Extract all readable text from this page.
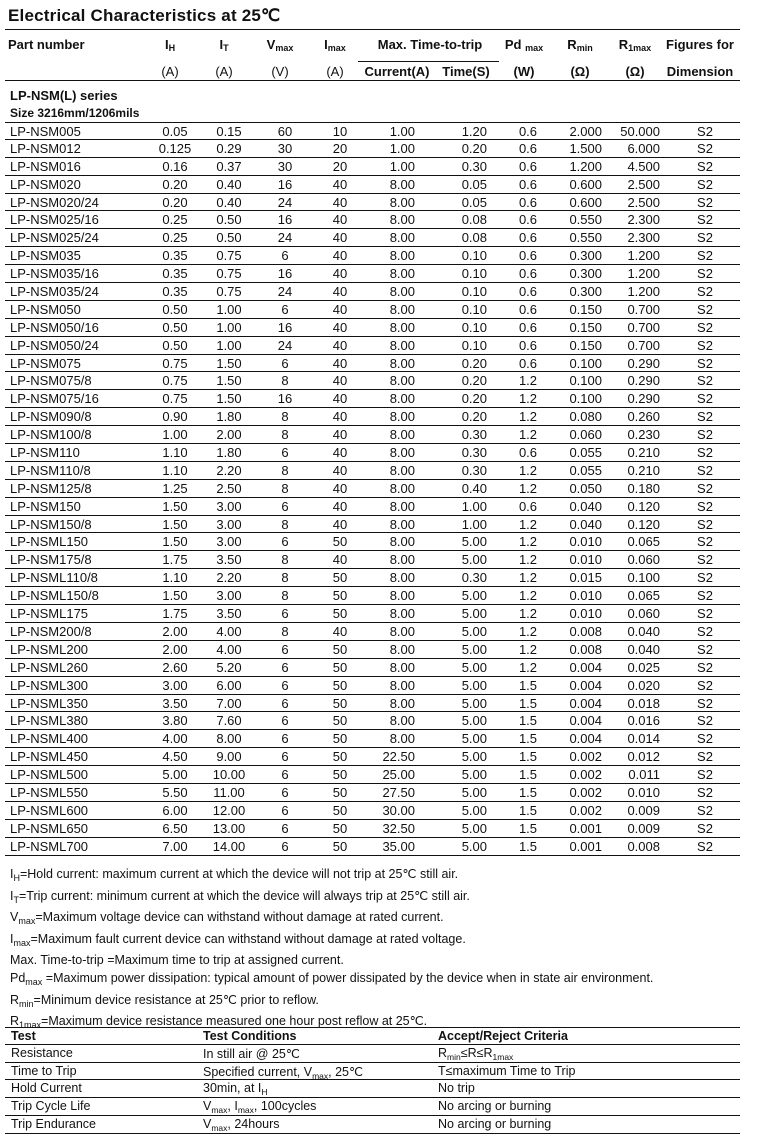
Electrical Characteristics at 25℃
Part number	$I_H$	$I_T$	$V_{max}$	$I_{max}$	Max. Time-to-trip	Pd $_{max}$	$R_{min}$	$R_{1max}$	Figures for
(A)	(A)	(V)	(A)	Current(A) Time(S)	(W)	(Ω)	(Ω)	Dimension
LP-NSM(L) series
Size 3216mm/1206mils
LP-NSM005	0.05	0.15	60	10	1.00	1.20	0.6	2.000	50.000	S2
LP-NSM012	0.125	0.29	30	20	1.00	0.20	0.6	1.500	6.000	S2
LP-NSM016	0.16	0.37	30	20	1.00	0.30	0.6	1.200	4.500	S2
LP-NSM020	0.20	0.40	16	40	8.00	0.05	0.6	0.600	2.500	S2
LP-NSM020/24	0.20	0.40	24	40	8.00	0.05	0.6	0.600	2.500	S2
LP-NSM025/16	0.25	0.50	16	40	8.00	0.08	0.6	0.550	2.300	S2
LP-NSM025/24	0.25	0.50	24	40	8.00	0.08	0.6	0.550	2.300	S2
LP-NSM035	0.35	0.75	6	40	8.00	0.10	0.6	0.300	1.200	S2
LP-NSM035/16	0.35	0.75	16	40	8.00	0.10	0.6	0.300	1.200	S2
LP-NSM035/24	0.35	0.75	24	40	8.00	0.10	0.6	0.300	1.200	S2
LP-NSM050	0.50	1.00	6	40	8.00	0.10	0.6	0.150	0.700	S2
LP-NSM050/16	0.50	1.00	16	40	8.00	0.10	0.6	0.150	0.700	S2
LP-NSM050/24	0.50	1.00	24	40	8.00	0.10	0.6	0.150	0.700	S2
LP-NSM075	0.75	1.50	6	40	8.00	0.20	0.6	0.100	0.290	S2
LP-NSM075/8	0.75	1.50	8	40	8.00	0.20	1.2	0.100	0.290	S2
LP-NSM075/16	0.75	1.50	16	40	8.00	0.20	1.2	0.100	0.290	S2
LP-NSM090/8	0.90	1.80	8	40	8.00	0.20	1.2	0.080	0.260	S2
LP-NSM100/8	1.00	2.00	8	40	8.00	0.30	1.2	0.060	0.230	S2
LP-NSM110	1.10	1.80	6	40	8.00	0.30	0.6	0.055	0.210	S2
LP-NSM110/8	1.10	2.20	8	40	8.00	0.30	1.2	0.055	0.210	S2
LP-NSM125/8	1.25	2.50	8	40	8.00	0.40	1.2	0.050	0.180	S2
LP-NSM150	1.50	3.00	6	40	8.00	1.00	0.6	0.040	0.120	S2
LP-NSM150/8	1.50	3.00	8	40	8.00	1.00	1.2	0.040	0.120	S2
LP-NSML150	1.50	3.00	6	50	8.00	5.00	1.2	0.010	0.065	S2
LP-NSM175/8	1.75	3.50	8	40	8.00	5.00	1.2	0.010	0.060	S2
LP-NSML110/8	1.10	2.20	8	50	8.00	0.30	1.2	0.015	0.100	S2
LP-NSML150/8	1.50	3.00	8	50	8.00	5.00	1.2	0.010	0.065	S2
LP-NSML175	1.75	3.50	6	50	8.00	5.00	1.2	0.010	0.060	S2
LP-NSM200/8	2.00	4.00	8	40	8.00	5.00	1.2	0.008	0.040	S2
LP-NSML200	2.00	4.00	6	50	8.00	5.00	1.2	0.008	0.040	S2
LP-NSML260	2.60	5.20	6	50	8.00	5.00	1.2	0.004	0.025	S2
LP-NSML300	3.00	6.00	6	50	8.00	5.00	1.5	0.004	0.020	S2
LP-NSML350	3.50	7.00	6	50	8.00	5.00	1.5	0.004	0.018	S2
LP-NSML380	3.80	7.60	6	50	8.00	5.00	1.5	0.004	0.016	S2
LP-NSML400	4.00	8.00	6	50	8.00	5.00	1.5	0.004	0.014	S2
LP-NSML450	4.50	9.00	6	50	22.50	5.00	1.5	0.002	0.012	S2
LP-NSML500	5.00	10.00	6	50	25.00	5.00	1.5	0.002	0.011	S2
LP-NSML550	5.50	11.00	6	50	27.50	5.00	1.5	0.002	0.010	S2
LP-NSML600	6.00	12.00	6	50	30.00	5.00	1.5	0.002	0.009	S2
LP-NSML650	6.50	13.00	6	50	32.50	5.00	1.5	0.001	0.009	S2
LP-NSML700	7.00	14.00	6	50	35.00	5.00	1.5	0.001	0.008	S2
$I_H=Hold$ current: maximum current at which the device will not trip at 25℃ still air.
$I_T=Trip$ current: minimum current at which the device will always trip at 25℃ still air.
$V_{max}=Maximum$ voltage device can withstand without damage at rated current.
$I_{max}=Maximum$ fault current device can withstand without damage at rated voltage.
Max. Time-to-trip =Maximum time to trip at assigned current.
$Pd_{max}$ =Maximum power dissipation: typical amount of power dissipated by the device when in state air environment.
$R_{min}=Minimum$ device resistance at 25℃ prior to reflow.
$R_{1max}=Maximum$ device resistance measured one hour post reflow at 25℃.
Test	Test Conditions	Accept/Reject Criteria
Resistance	In still air @ 25℃	$R_{min}\le R\le R_{1max}$
Time to Trip	Specified current, $V_{max}$, 25℃	T≤maximum Time to Trip
Hold Current	30min, at $I_H$	No trip
Trip Cycle Life	$V_{max}$, $I_{max}$, 100cycles	No arcing or burning
Trip Endurance	$V_{max}$, 24hours	No arcing or burning
